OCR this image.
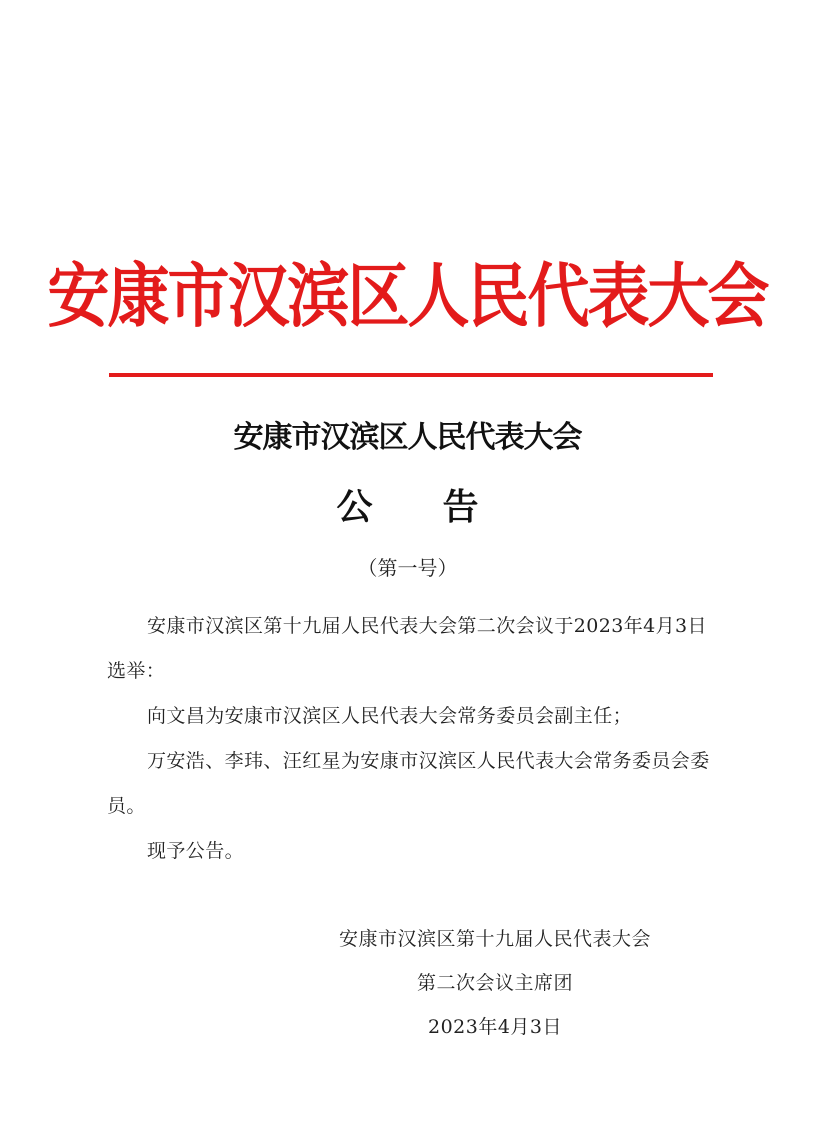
安康市汉滨区人民代表大会
安康市汉滨区人民代表大会
公 告
（第一号）

安康市汉滨区第十九届人民代表大会第二次会议于2023年4月3日选举：

向文昌为安康市汉滨区人民代表大会常务委员会副主任；

万安浩、李玮、汪红星为安康市汉滨区人民代表大会常务委员会委员。

现予公告。

安康市汉滨区第十九届人民代表大会
第二次会议主席团
2023年4月3日
